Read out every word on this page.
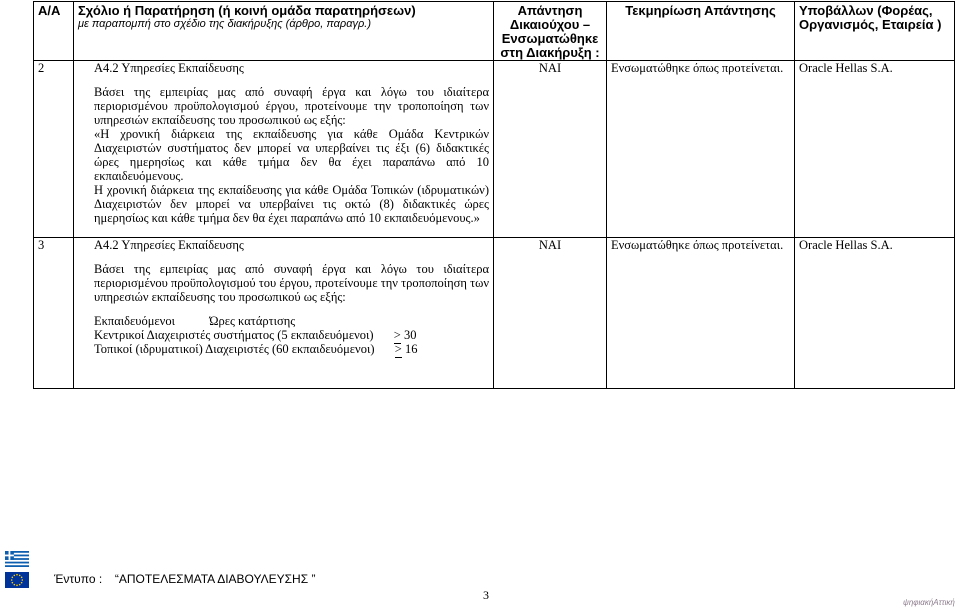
Α/Α	Σχόλιο ή Παρατήρηση (ή κοινή ομάδα παρατηρήσεων)
με παραπομπή στο σχέδιο της διακήρυξης (άρθρο, παραγρ.)	Απάντηση Δικαιούχου – Ενσωματώθηκε στη Διακήρυξη :	Τεκμηρίωση Απάντησης	Υποβάλλων (Φορέας, Οργανισμός, Εταιρεία )
2	Α4.2 Υπηρεσίες Εκπαίδευσης
Βάσει της εμπειρίας μας από συναφή έργα και λόγω του ιδιαίτερα περιορισμένου προϋπολογισμού έργου, προτείνουμε την τροποποίηση των υπηρεσιών εκπαίδευσης του προσωπικού ως εξής:
«Η χρονική διάρκεια της εκπαίδευσης για κάθε Ομάδα Κεντρικών Διαχειριστών συστήματος δεν μπορεί να υπερβαίνει τις έξι (6) διδακτικές ώρες ημερησίως και κάθε τμήμα δεν θα έχει παραπάνω από 10 εκπαιδευόμενους.
Η χρονική διάρκεια της εκπαίδευσης για κάθε Ομάδα Τοπικών (ιδρυματικών) Διαχειριστών δεν μπορεί να υπερβαίνει τις οκτώ (8) διδακτικές ώρες ημερησίως και κάθε τμήμα δεν θα έχει παραπάνω από 10 εκπαιδευόμενους.»	ΝΑΙ	Ενσωματώθηκε όπως προτείνεται.	Oracle Hellas S.A.
3	Α4.2 Υπηρεσίες Εκπαίδευσης
Βάσει της εμπειρίας μας από συναφή έργα και λόγω του ιδιαίτερα περιορισμένου προϋπολογισμού του έργου, προτείνουμε την τροποποίηση των υπηρεσιών εκπαίδευσης του προσωπικού ως εξής:
Εκπαιδευόμενοι Ώρες κατάρτισης
Κεντρικοί Διαχειριστές συστήματος (5 εκπαιδευόμενοι) > 30
Τοπικοί (ιδρυματικοί) Διαχειριστές (60 εκπαιδευόμενοι) > 16	ΝΑΙ	Ενσωματώθηκε όπως προτείνεται.	Oracle Hellas S.A.
Έντυπο : “ΑΠΟΤΕΛΕΣΜΑΤΑ ΔΙΑΒΟΥΛΕΥΣΗΣ ”
3
ψηφιακήΑττική
